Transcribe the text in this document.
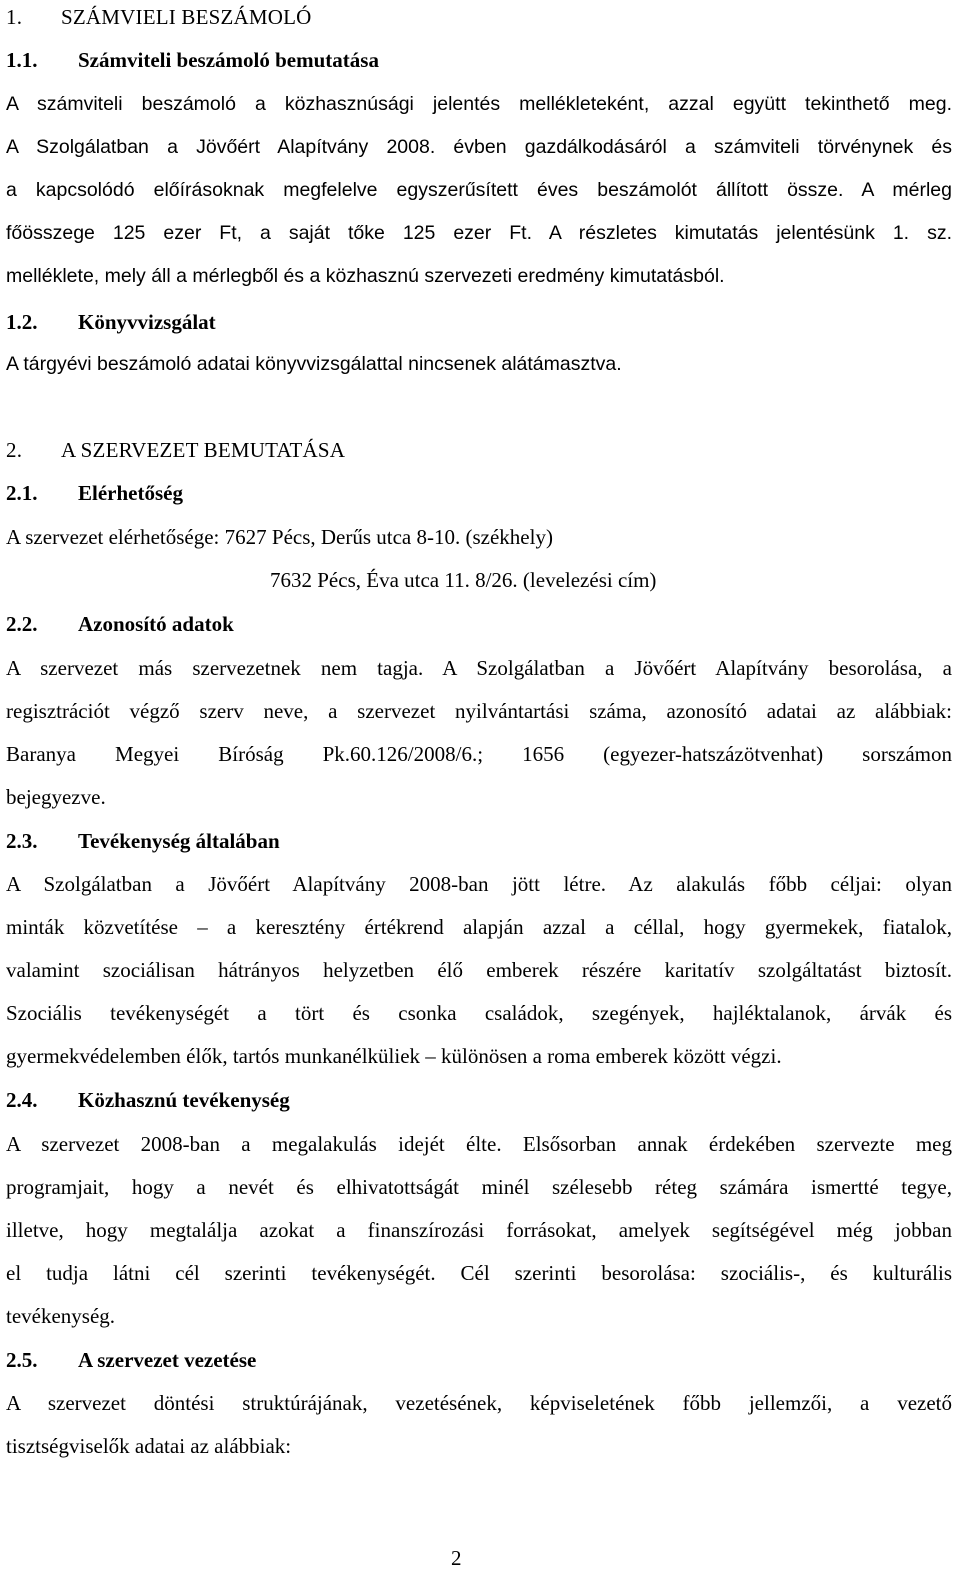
1. SZÁMVIELI BESZÁMOLÓ
1.1. Számviteli beszámoló bemutatása
A számviteli beszámoló a közhasznúsági jelentés mellékleteként, azzal együtt tekinthető meg.
A Szolgálatban a Jövőért Alapítvány 2008. évben gazdálkodásáról a számviteli törvénynek és
a kapcsolódó előírásoknak megfelelve egyszerűsített éves beszámolót állított össze. A mérleg
főösszege 125 ezer Ft, a saját tőke 125 ezer Ft. A részletes kimutatás jelentésünk 1. sz.
melléklete, mely áll a mérlegből és a közhasznú szervezeti eredmény kimutatásból.
1.2. Könyvvizsgálat
A tárgyévi beszámoló adatai könyvvizsgálattal nincsenek alátámasztva.
2. A SZERVEZET BEMUTATÁSA
2.1. Elérhetőség
A szervezet elérhetősége: 7627 Pécs, Derűs utca 8-10. (székhely)
7632 Pécs, Éva utca 11. 8/26. (levelezési cím)
2.2. Azonosító adatok
A szervezet más szervezetnek nem tagja. A Szolgálatban a Jövőért Alapítvány besorolása, a
regisztrációt végző szerv neve, a szervezet nyilvántartási száma, azonosító adatai az alábbiak:
Baranya Megyei Bíróság Pk.60.126/2008/6.; 1656 (egyezer-hatszázötvenhat) sorszámon
bejegyezve.
2.3. Tevékenység általában
A Szolgálatban a Jövőért Alapítvány 2008-ban jött létre. Az alakulás főbb céljai: olyan
minták közvetítése – a keresztény értékrend alapján azzal a céllal, hogy gyermekek, fiatalok,
valamint szociálisan hátrányos helyzetben élő emberek részére karitatív szolgáltatást biztosít.
Szociális tevékenységét a tört és csonka családok, szegények, hajléktalanok, árvák és
gyermekvédelemben élők, tartós munkanélküliek – különösen a roma emberek között végzi.
2.4. Közhasznú tevékenység
A szervezet 2008-ban a megalakulás idejét élte. Elsősorban annak érdekében szervezte meg
programjait, hogy a nevét és elhivatottságát minél szélesebb réteg számára ismertté tegye,
illetve, hogy megtalálja azokat a finanszírozási forrásokat, amelyek segítségével még jobban
el tudja látni cél szerinti tevékenységét. Cél szerinti besorolása: szociális-, és kulturális
tevékenység.
2.5. A szervezet vezetése
A szervezet döntési struktúrájának, vezetésének, képviseletének főbb jellemzői, a vezető
tisztségviselők adatai az alábbiak:
2
